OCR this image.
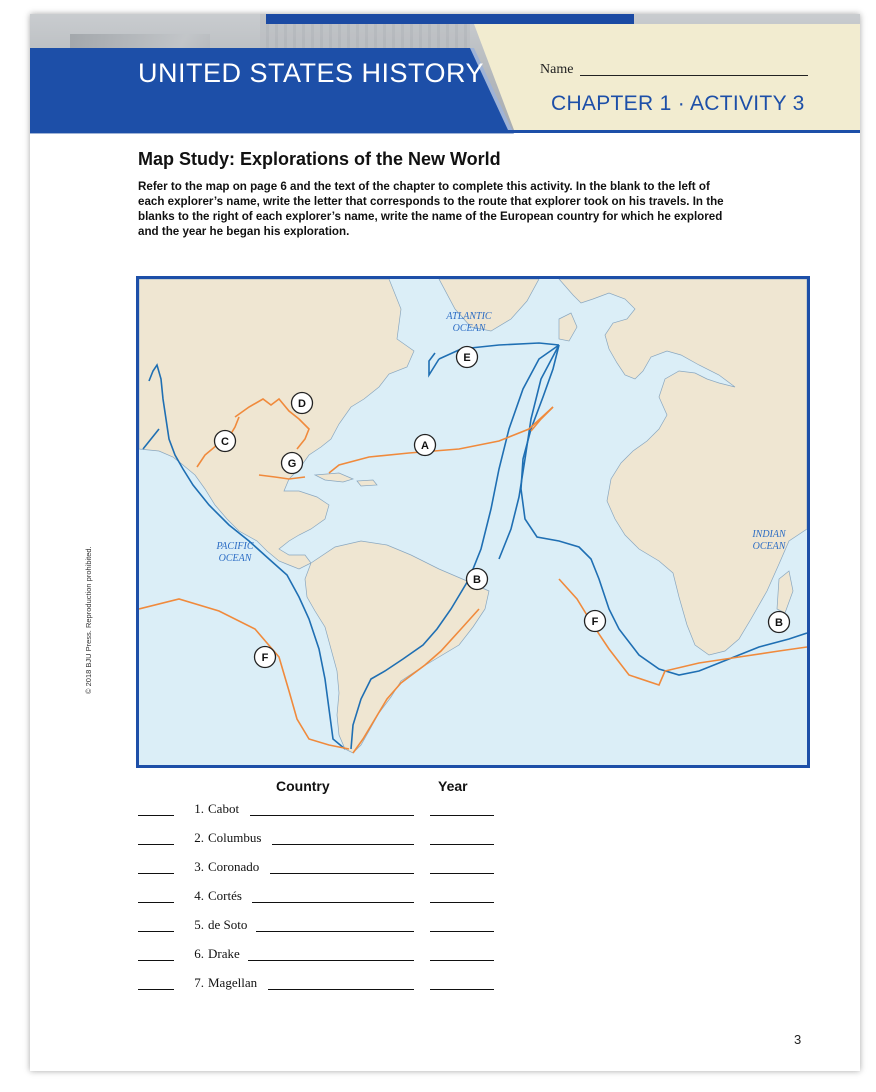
UNITED STATES HISTORY	Name
CHAPTER 1 · ACTIVITY 3
Map Study: Explorations of the New World
Refer to the map on page 6 and the text of the chapter to complete this activity. In the blank to the left of each explorer’s name, write the letter that corresponds to the route that explorer took on his travels. In the blanks to the right of each explorer’s name, write the name of the European country for which he explored and the year he began his exploration.
ATLANTIC
OCEAN
PACIFIC
OCEAN
INDIAN
OCEAN
E
D
C	A
G
B
F	B
F
© 2018 BJU Press. Reproduction prohibited.
Country	Year
1. Cabot
2. Columbus
3. Coronado
4. Cortés
5. de Soto
6. Drake
7. Magellan
3
